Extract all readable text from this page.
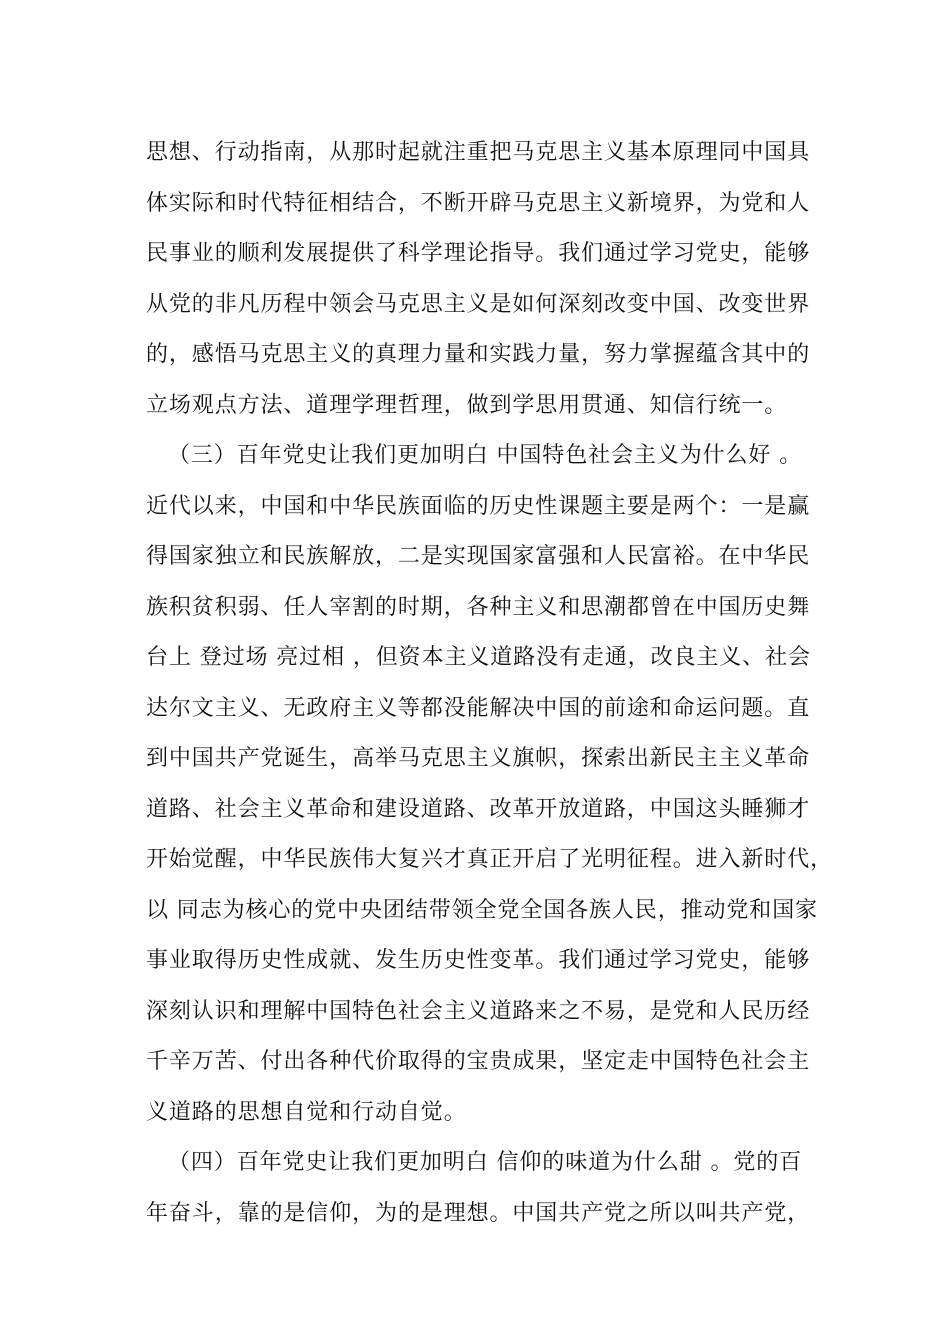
思想、行动指南，从那时起就注重把马克思主义基本原理同中国具
体实际和时代特征相结合，不断开辟马克思主义新境界，为党和人
民事业的顺利发展提供了科学理论指导。我们通过学习党史，能够
从党的非凡历程中领会马克思主义是如何深刻改变中国、改变世界
的，感悟马克思主义的真理力量和实践力量，努力掌握蕴含其中的
立场观点方法、道理学理哲理，做到学思用贯通、知信行统一。
（三）百年党史让我们更加明白 中国特色社会主义为什么好 。
近代以来，中国和中华民族面临的历史性课题主要是两个：一是赢
得国家独立和民族解放，二是实现国家富强和人民富裕。在中华民
族积贫积弱、任人宰割的时期，各种主义和思潮都曾在中国历史舞
台上 登过场 亮过相 ，但资本主义道路没有走通，改良主义、社会
达尔文主义、无政府主义等都没能解决中国的前途和命运问题。直
到中国共产党诞生，高举马克思主义旗帜，探索出新民主主义革命
道路、社会主义革命和建设道路、改革开放道路，中国这头睡狮才
开始觉醒，中华民族伟大复兴才真正开启了光明征程。进入新时代，
以 同志为核心的党中央团结带领全党全国各族人民，推动党和国家
事业取得历史性成就、发生历史性变革。我们通过学习党史，能够
深刻认识和理解中国特色社会主义道路来之不易，是党和人民历经
千辛万苦、付出各种代价取得的宝贵成果，坚定走中国特色社会主
义道路的思想自觉和行动自觉。
（四）百年党史让我们更加明白 信仰的味道为什么甜 。党的百
年奋斗，靠的是信仰，为的是理想。中国共产党之所以叫共产党，
